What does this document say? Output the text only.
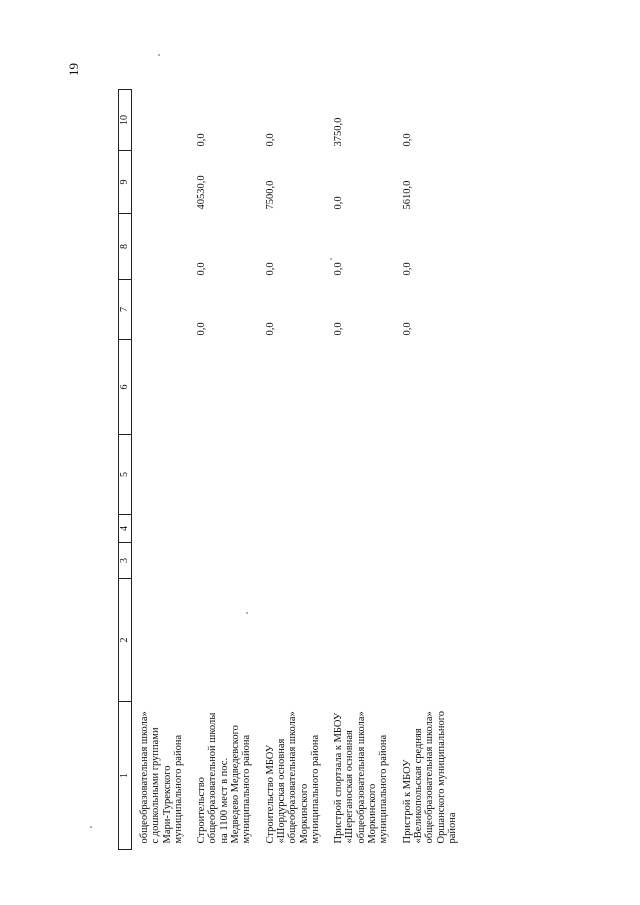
19
1	2	3	4	5	6	7	8	9	10
общеобразовательная школа» с дошкольными группами Мари-Турекского муниципального района									
Строительство общеобразовательной школы на 1100 мест в пос. Медведево Медведевского муниципального района						0,0	0,0	40530,0	0,0
Строительство МБОУ «Шордурская основная общеобразовательная школа» Моркинского муниципального района						0,0	0,0	7500,0	0,0
Пристрой спортзала к МБОУ «Шереганоская основная общеобразовательная школа» Моркинского муниципального района						0,0	0,0	0,0	3750,0
Пристрой к МБОУ «Великопольская средняя общеобразовательная школа» Оршанского муниципального района						0,0	0,0	5610,0	0,0
